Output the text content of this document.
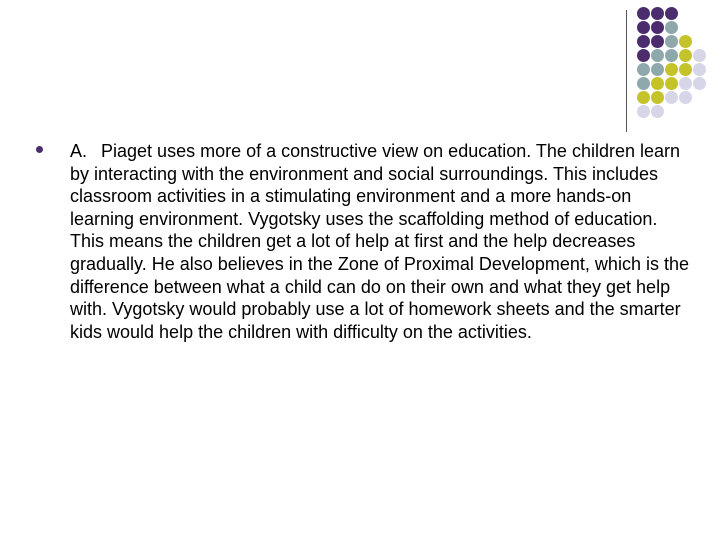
A. Piaget uses more of a constructive view on education. The children learn by interacting with the environment and social surroundings. This includes classroom activities in a stimulating environment and a more hands-on learning environment. Vygotsky uses the scaffolding method of education. This means the children get a lot of help at first and the help decreases gradually. He also believes in the Zone of Proximal Development, which is the difference between what a child can do on their own and what they get help with. Vygotsky would probably use a lot of homework sheets and the smarter kids would help the children with difficulty on the activities.
